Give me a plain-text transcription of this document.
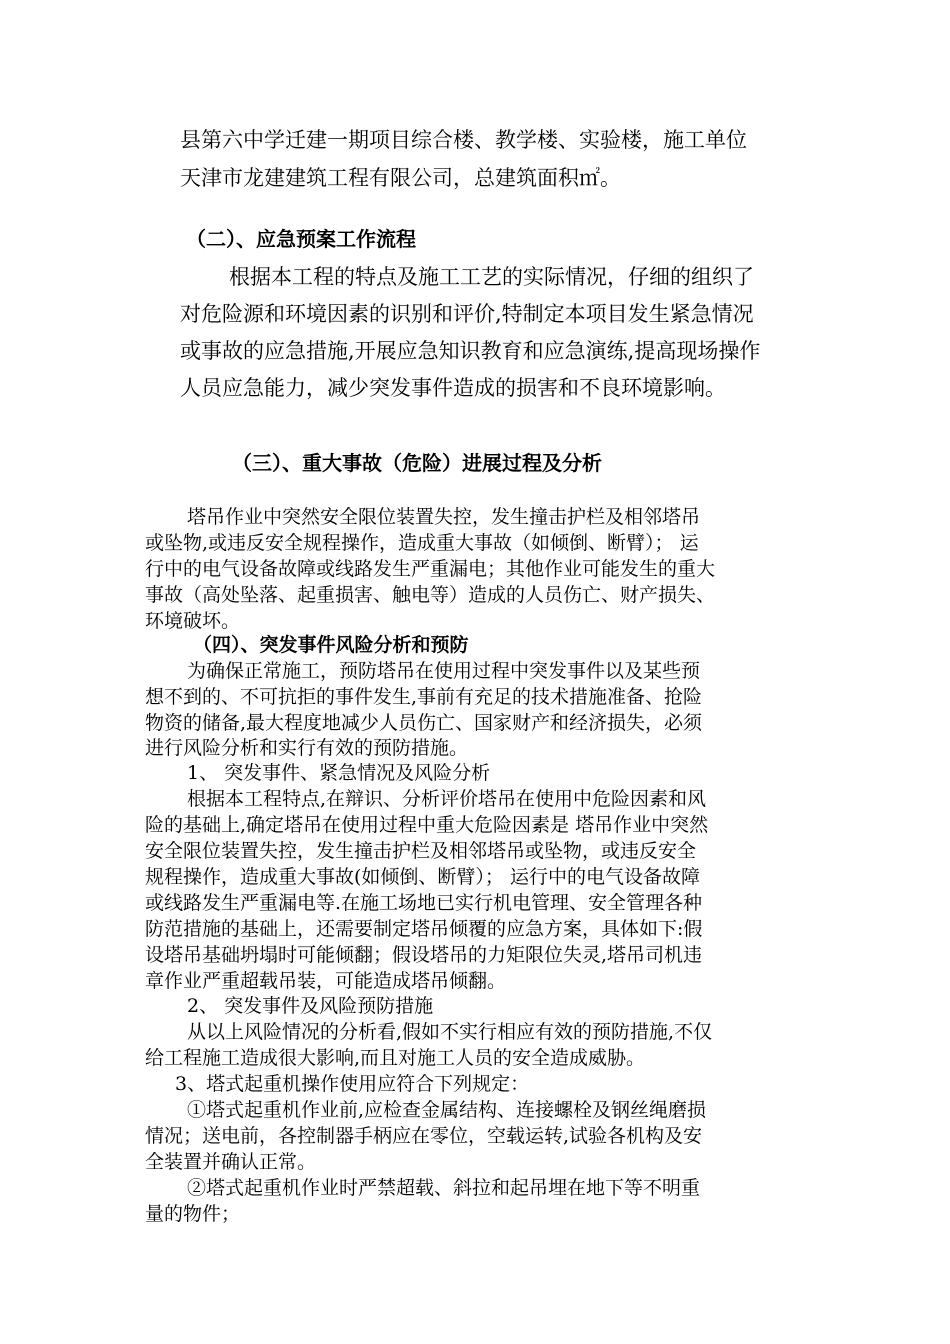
县第六中学迁建一期项目综合楼、教学楼、实验楼，施工单位

天津市龙建建筑工程有限公司，总建筑面积㎡。

（二）、应急预案工作流程

根据本工程的特点及施工工艺的实际情况，仔细的组织了

对危险源和环境因素的识别和评价,特制定本项目发生紧急情况

或事故的应急措施,开展应急知识教育和应急演练,提高现场操作

人员应急能力，减少突发事件造成的损害和不良环境影响。

（三）、重大事故（危险）进展过程及分析

塔吊作业中突然安全限位装置失控，发生撞击护栏及相邻塔吊

或坠物,或违反安全规程操作，造成重大事故（如倾倒、断臂）； 运

行中的电气设备故障或线路发生严重漏电；其他作业可能发生的重大

事故（高处坠落、起重损害、触电等）造成的人员伤亡、财产损失、

环境破坏。

（四）、突发事件风险分析和预防

为确保正常施工，预防塔吊在使用过程中突发事件以及某些预

想不到的、不可抗拒的事件发生,事前有充足的技术措施准备、抢险

物资的储备,最大程度地减少人员伤亡、国家财产和经济损失，必须

进行风险分析和实行有效的预防措施。

1、 突发事件、紧急情况及风险分析

根据本工程特点,在辩识、分析评价塔吊在使用中危险因素和风

险的基础上,确定塔吊在使用过程中重大危险因素是 塔吊作业中突然

安全限位装置失控，发生撞击护栏及相邻塔吊或坠物，或违反安全

规程操作，造成重大事故(如倾倒、断臂）； 运行中的电气设备故障

或线路发生严重漏电等.在施工场地已实行机电管理、安全管理各种

防范措施的基础上，还需要制定塔吊倾覆的应急方案，具体如下:假

设塔吊基础坍塌时可能倾翻；假设塔吊的力矩限位失灵,塔吊司机违

章作业严重超载吊装，可能造成塔吊倾翻。

2、 突发事件及风险预防措施

从以上风险情况的分析看,假如不实行相应有效的预防措施,不仅

给工程施工造成很大影响,而且对施工人员的安全造成威胁。

3、塔式起重机操作使用应符合下列规定：

①塔式起重机作业前,应检查金属结构、连接螺栓及钢丝绳磨损

情况；送电前，各控制器手柄应在零位，空载运转,试验各机构及安

全装置并确认正常。

②塔式起重机作业时严禁超载、斜拉和起吊埋在地下等不明重

量的物件；
